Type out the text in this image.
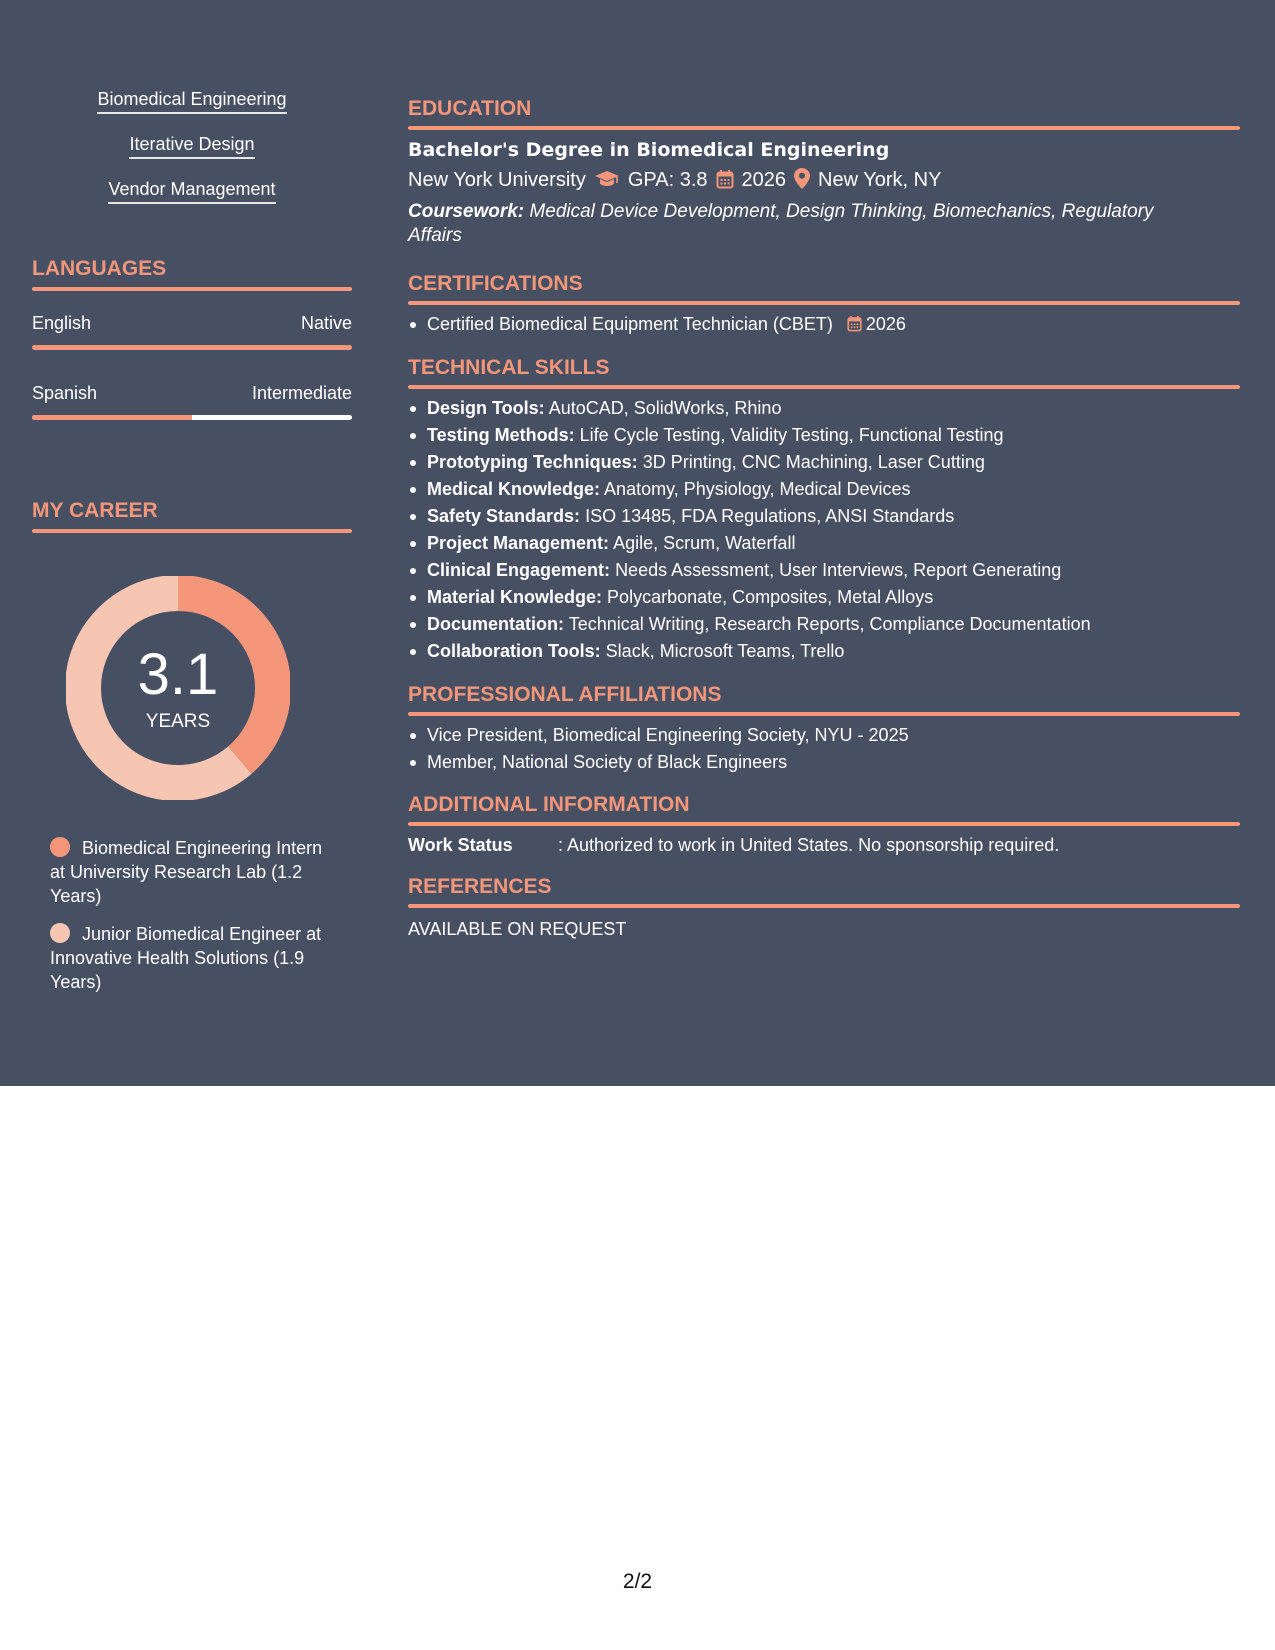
Biomedical Engineering
Iterative Design
Vendor Management
LANGUAGES
English	Native
Spanish	Intermediate
MY CAREER
3.1
YEARS
Biomedical Engineering Intern at University Research Lab (1.2 Years)
Junior Biomedical Engineer at Innovative Health Solutions (1.9 Years)
EDUCATION
Bachelor's Degree in Biomedical Engineering
New York University GPA: 3.8 2026 New York, NY
Coursework: Medical Device Development, Design Thinking, Biomechanics, Regulatory Affairs
CERTIFICATIONS
Certified Biomedical Equipment Technician (CBET) 2026
TECHNICAL SKILLS
Design Tools: AutoCAD, SolidWorks, Rhino
Testing Methods: Life Cycle Testing, Validity Testing, Functional Testing
Prototyping Techniques: 3D Printing, CNC Machining, Laser Cutting
Medical Knowledge: Anatomy, Physiology, Medical Devices
Safety Standards: ISO 13485, FDA Regulations, ANSI Standards
Project Management: Agile, Scrum, Waterfall
Clinical Engagement: Needs Assessment, User Interviews, Report Generating
Material Knowledge: Polycarbonate, Composites, Metal Alloys
Documentation: Technical Writing, Research Reports, Compliance Documentation
Collaboration Tools: Slack, Microsoft Teams, Trello
PROFESSIONAL AFFILIATIONS
Vice President, Biomedical Engineering Society, NYU - 2025
Member, National Society of Black Engineers
ADDITIONAL INFORMATION
Work Status	: Authorized to work in United States. No sponsorship required.
REFERENCES
AVAILABLE ON REQUEST
2/2
